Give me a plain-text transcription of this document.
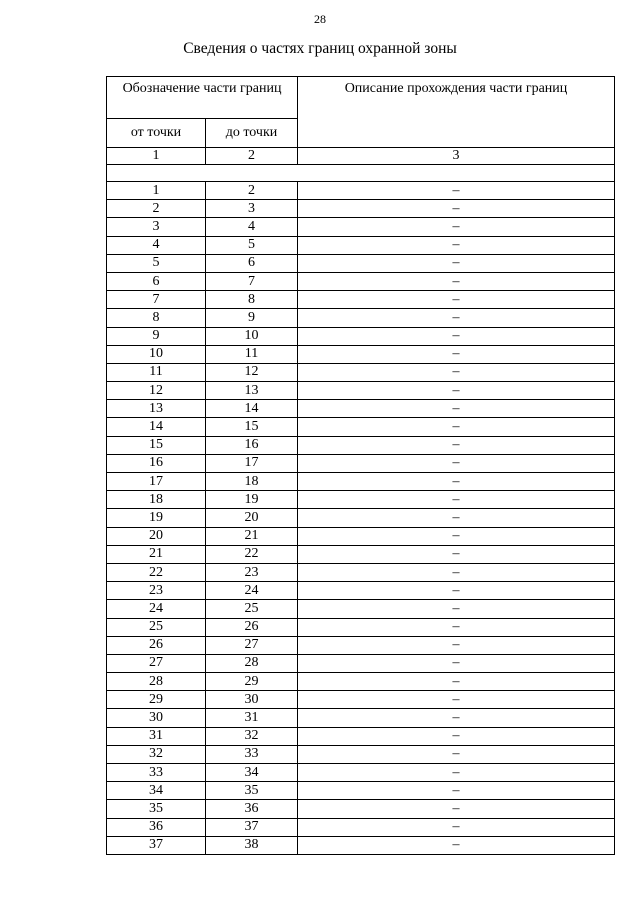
28
Сведения о частях границ охранной зоны
Обозначение части границ		Описание прохождения части границ
от точки	до точки	
1	2	3

1	2	–
2	3	–
3	4	–
4	5	–
5	6	–
6	7	–
7	8	–
8	9	–
9	10	–
10	11	–
11	12	–
12	13	–
13	14	–
14	15	–
15	16	–
16	17	–
17	18	–
18	19	–
19	20	–
20	21	–
21	22	–
22	23	–
23	24	–
24	25	–
25	26	–
26	27	–
27	28	–
28	29	–
29	30	–
30	31	–
31	32	–
32	33	–
33	34	–
34	35	–
35	36	–
36	37	–
37	38	–
